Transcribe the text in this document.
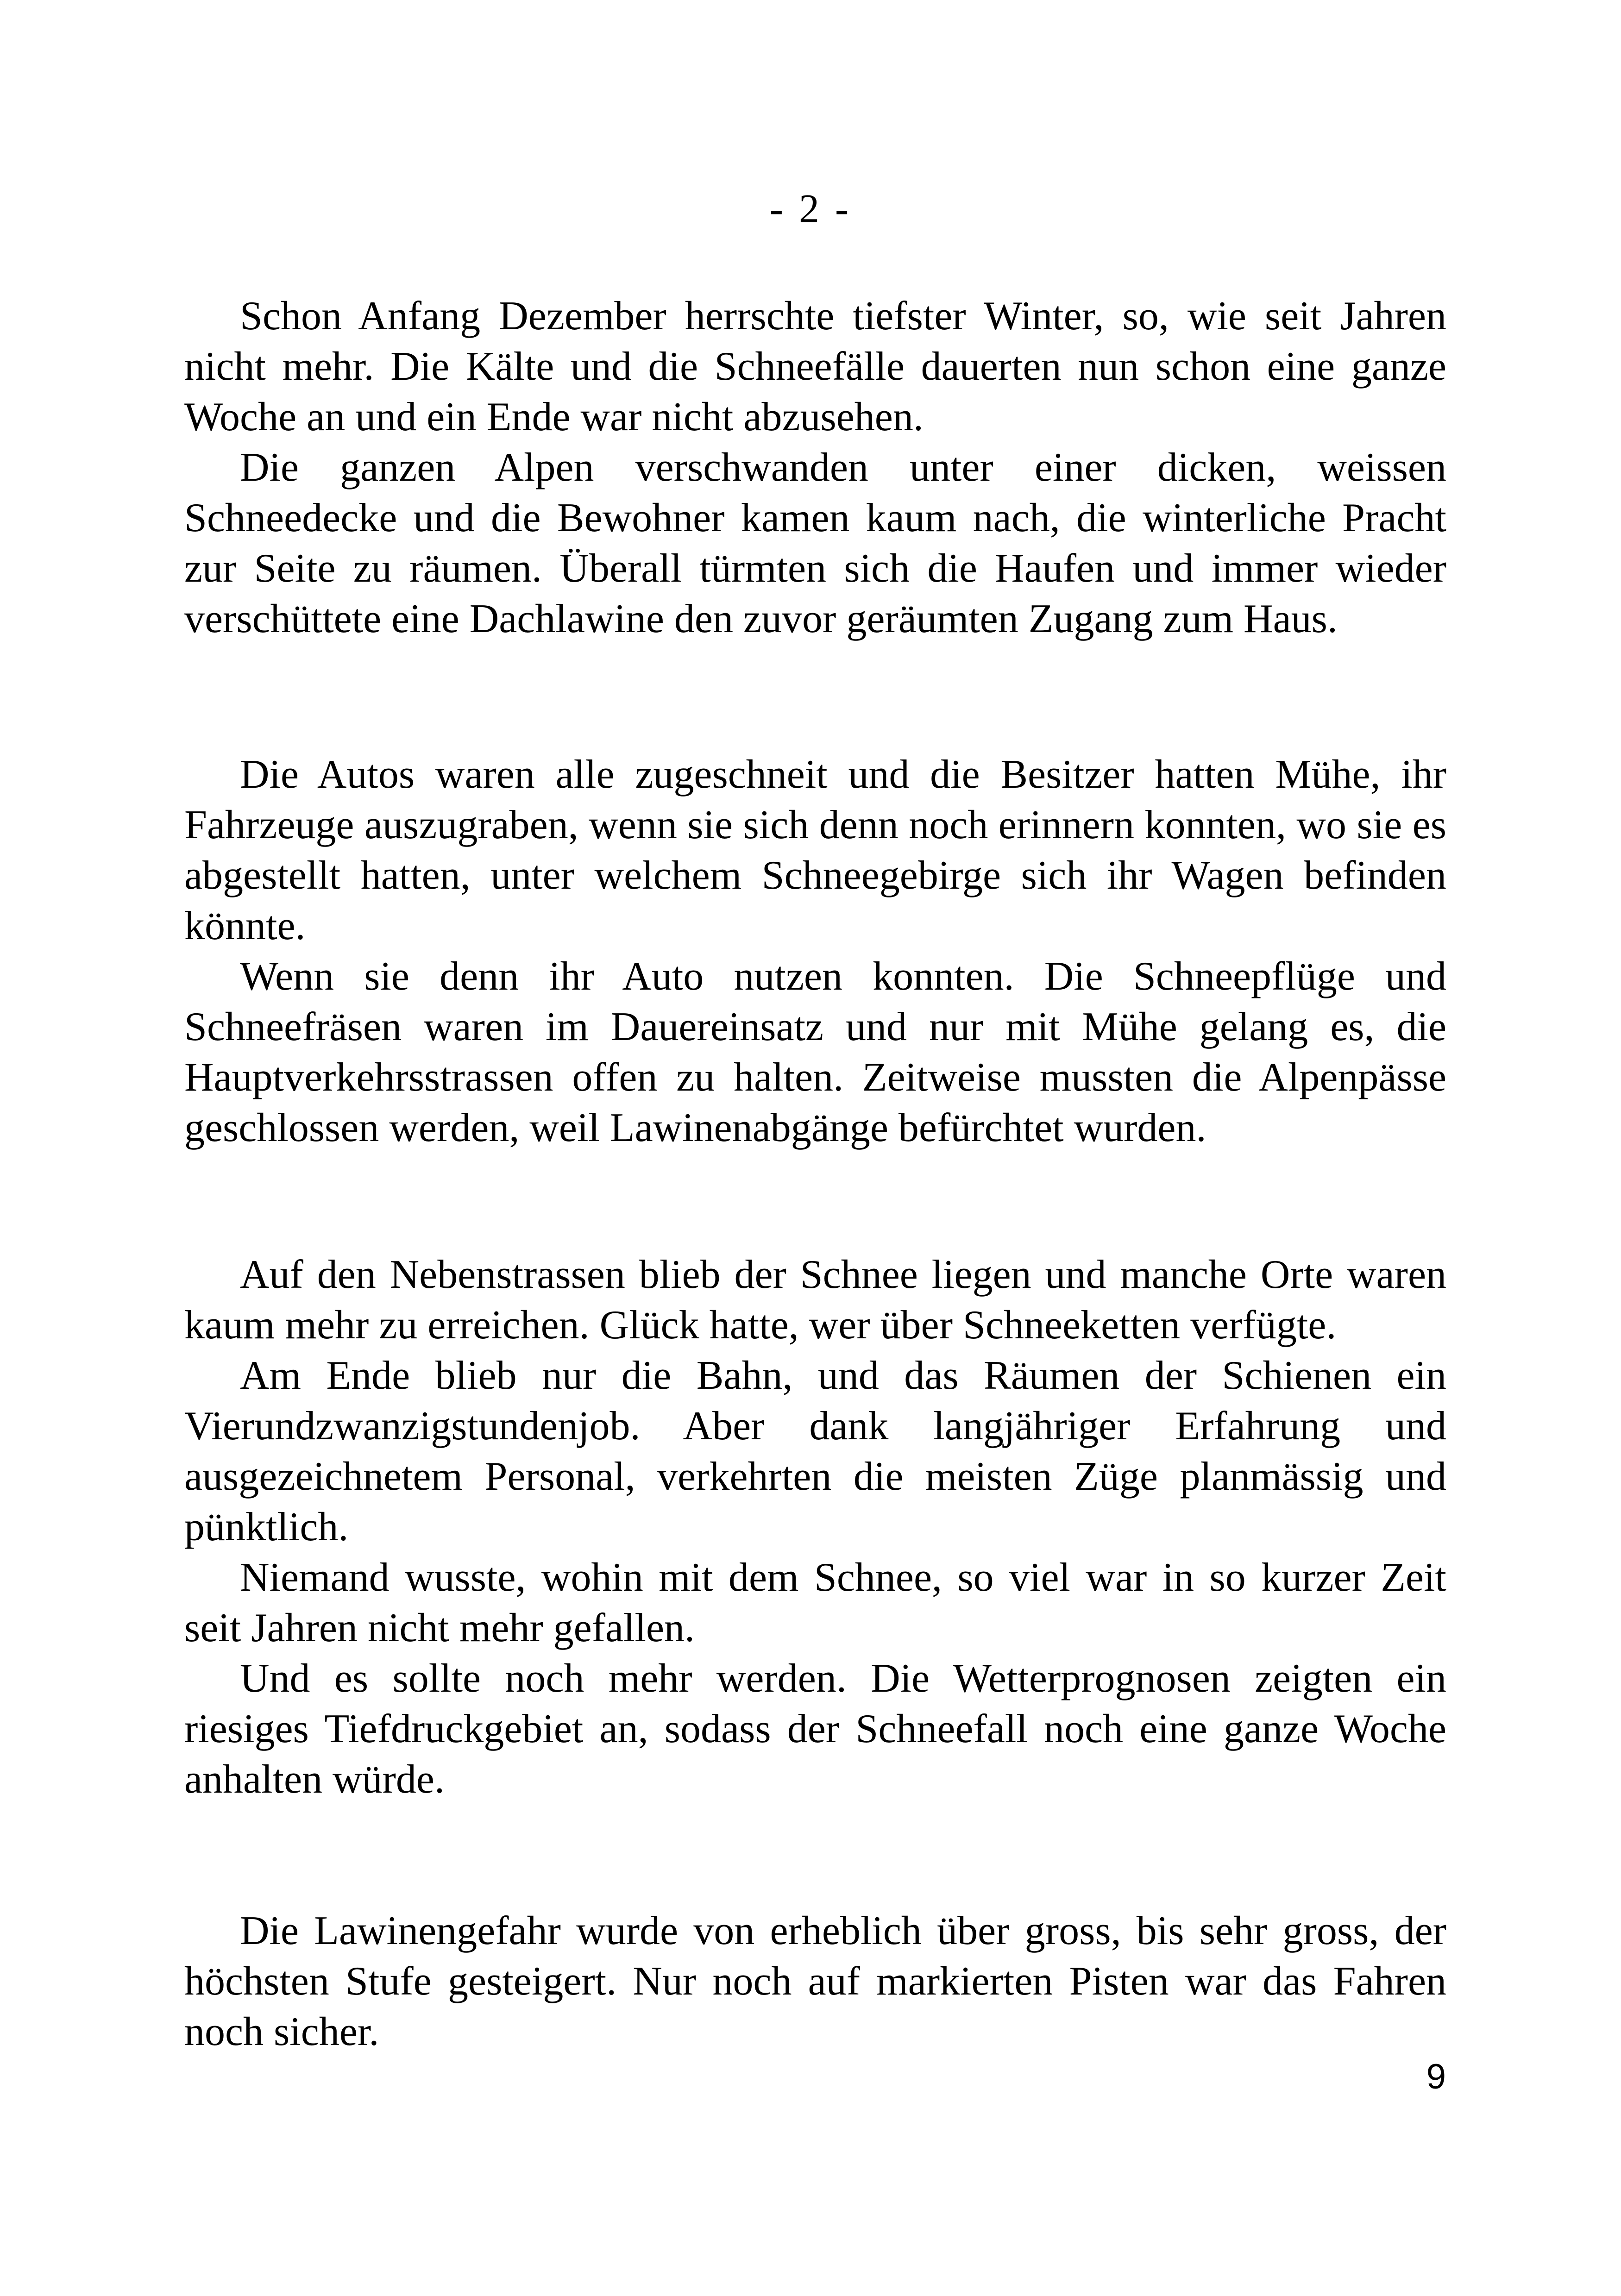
- 2 -

Schon Anfang Dezember herrschte tiefster Winter, so, wie seit Jahren nicht mehr. Die Kälte und die Schneefälle dauerten nun schon eine ganze Woche an und ein Ende war nicht abzusehen.

Die ganzen Alpen verschwanden unter einer dicken, weissen Schneedecke und die Bewohner kamen kaum nach, die winterliche Pracht zur Seite zu räumen. Überall türmten sich die Haufen und immer wieder verschüttete eine Dachlawine den zuvor geräumten Zugang zum Haus.

Die Autos waren alle zugeschneit und die Besitzer hatten Mühe, ihr Fahrzeuge auszugraben, wenn sie sich denn noch erinnern konnten, wo sie es abgestellt hatten, unter welchem Schneegebirge sich ihr Wagen befinden könnte.

Wenn sie denn ihr Auto nutzen konnten. Die Schneepflüge und Schneefräsen waren im Dauereinsatz und nur mit Mühe gelang es, die Hauptverkehrsstrassen offen zu halten. Zeitweise mussten die Alpenpässe geschlossen werden, weil Lawinenabgänge befürchtet wurden.

Auf den Nebenstrassen blieb der Schnee liegen und manche Orte waren kaum mehr zu erreichen. Glück hatte, wer über Schneeketten verfügte.

Am Ende blieb nur die Bahn, und das Räumen der Schienen ein Vierundzwanzigstundenjob. Aber dank langjähriger Erfahrung und ausgezeichnetem Personal, verkehrten die meisten Züge planmässig und pünktlich.

Niemand wusste, wohin mit dem Schnee, so viel war in so kurzer Zeit seit Jahren nicht mehr gefallen.

Und es sollte noch mehr werden. Die Wetterprognosen zeigten ein riesiges Tiefdruckgebiet an, sodass der Schneefall noch eine ganze Woche anhalten würde.

Die Lawinengefahr wurde von erheblich über gross, bis sehr gross, der höchsten Stufe gesteigert. Nur noch auf markierten Pisten war das Fahren noch sicher.

9
